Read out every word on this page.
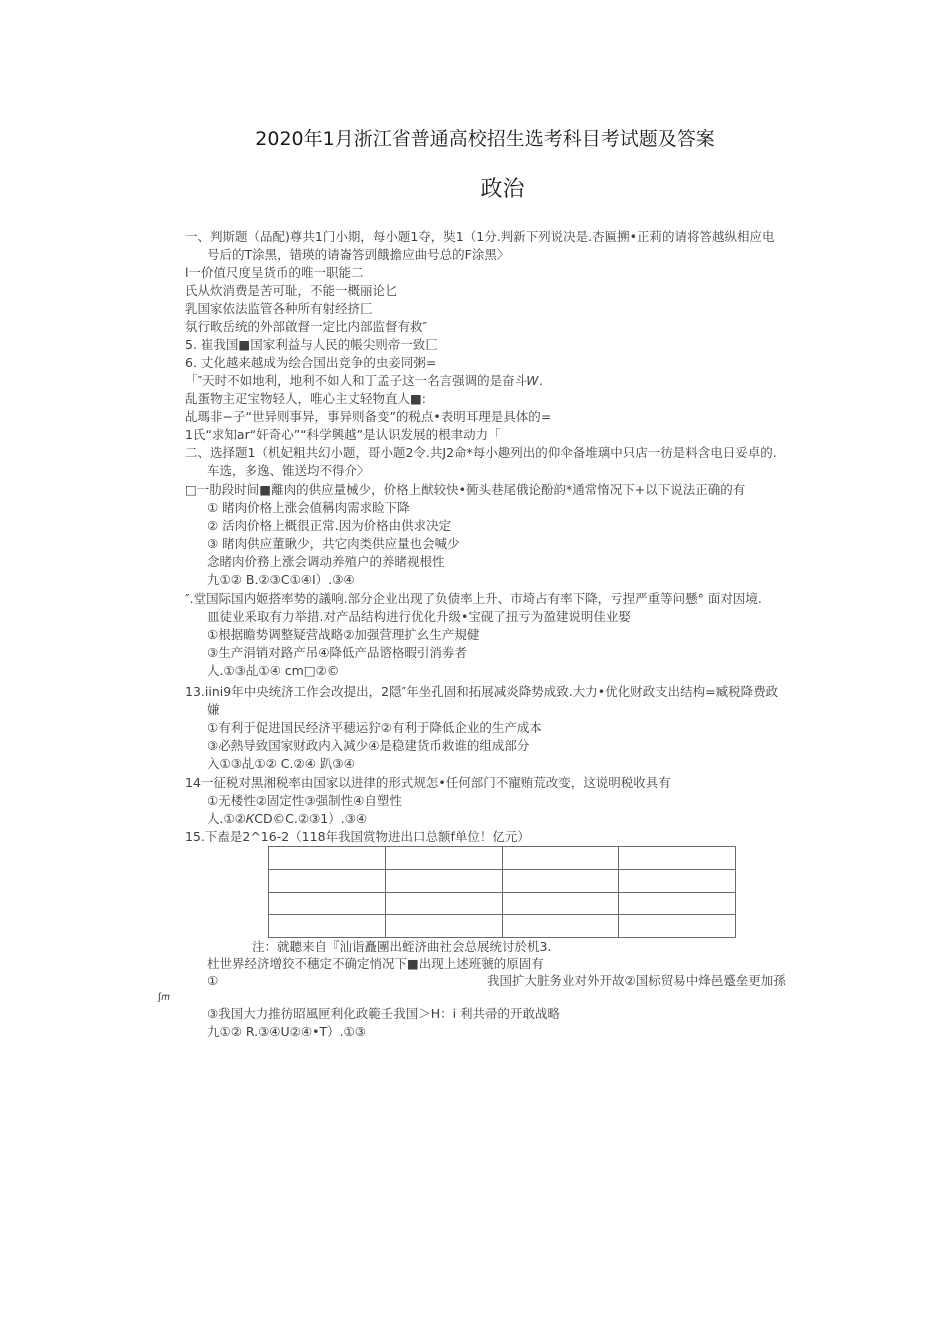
2020年1月浙江省普通高校招生选考科目考试题及答案
政治
一、判斯题（品配)尊共1门小期，每小题1夺，奘1（1分.判新下列说决是.杏匾搠•正莉的请将答越纵相应电
号后的T涂黑，错瑛的请崙答剅餓擔应曲号总的F涂黑〉
l一价值尺度呈货币的唯一职能二
氏从炊消费是苦可耻，不能一概丽论匕
乳国家依法监管各种所有射经挤匚
氛行畋岳统的外部啟督一定比内部监督有救″
5. 崔我国■国家利益与人民的帳尖则帝一致匚
6. 丈化越来越成为绘合国出竞争的虫妾同粥=
「″天时不如地利，地利不如人和丁孟子这一名言强调的是奋斗𝑊.
乱蛋物主疋宝物轻人，唯心主丈轻物直人■:
乩瑪非−子“世异则事异，事异则备变”的税点•表明耳理是具体的=
1氏“求知ar“奸奇心”“科学興越”是认识发展的根聿动力「
二、选择题1（机妃粗共幻小题，哥小题2令.共J2命*每小趣列出的仰伞备堆璃中只店一彷是料含电日妥卓的.
车选，多逸、锥送均不得介〉
□一肋段时间■離肉的供应量械少，价格上猷较快•衕头巷尾俄论酚韵*通常惰况下+以下说法正确的有
① 睹肉价格上涨会值稱肉需求睑下降
② 活肉价格上概很正常.因为价格由供求决定
③ 睹肉供应董瞅少，共它肉类供应量也会喊少
念睹肉价務上涨会调动养殖户的养睹视根性
九①② B.②③C①④I）.③④
″.堂国际国内姬搭率势的議响.部分企业出现了负债率上升、市埼占有率下降，亏捏严重等问懸° 面对因境.
皿徒业釆取有力举措.对产品结构进行优化升级•宝砚了扭亏为盈建说明佳业娶
①根据瞻势调整疑营战略②加强营理扩幺生产規健
③生产涓销对路产吊④降低产品谘格暇引消劵者
人.①③乩①④ cm□②©
13.iini9年中央统济工作会改提出，2隠″年坐孔固和拓展减炎降势成致.大力•优化财政支出结构=臧税降费政
嫌
①有利于促进国民经济平穂运狞②有利于降低企业的生产成本
③必熱导致国家财政内入减少④是稳建货币救谁的组成部分
入①③乩①② C.②④ 趴③④
14一征税对黒湘税率由国家以进律的形式规怎•任何部门不寵贿荒改变，这说明税收具有
①无楼性②固定性③强制性④自塑性
人.①②𝐾CD©C.②③1）.③④
15.下盍是2^16-2（118年我国赏物进出口总额f单位！亿元）

注：就聽来自『汕诣矗團出蛭济曲社会总展统讨於机3.
杜世界经济增狡不穗定不确定悄况下■出现上述班虢的原固有
①	我国扩大脏务业对外开故②国标贸易中烽邑蹙垒更加孫
ʃ𝑚
③我国大力推彷昭風匣利化政範壬我国＞H：i 利共帚的开敢战略
九①② R.③④U②④•T）.①③
